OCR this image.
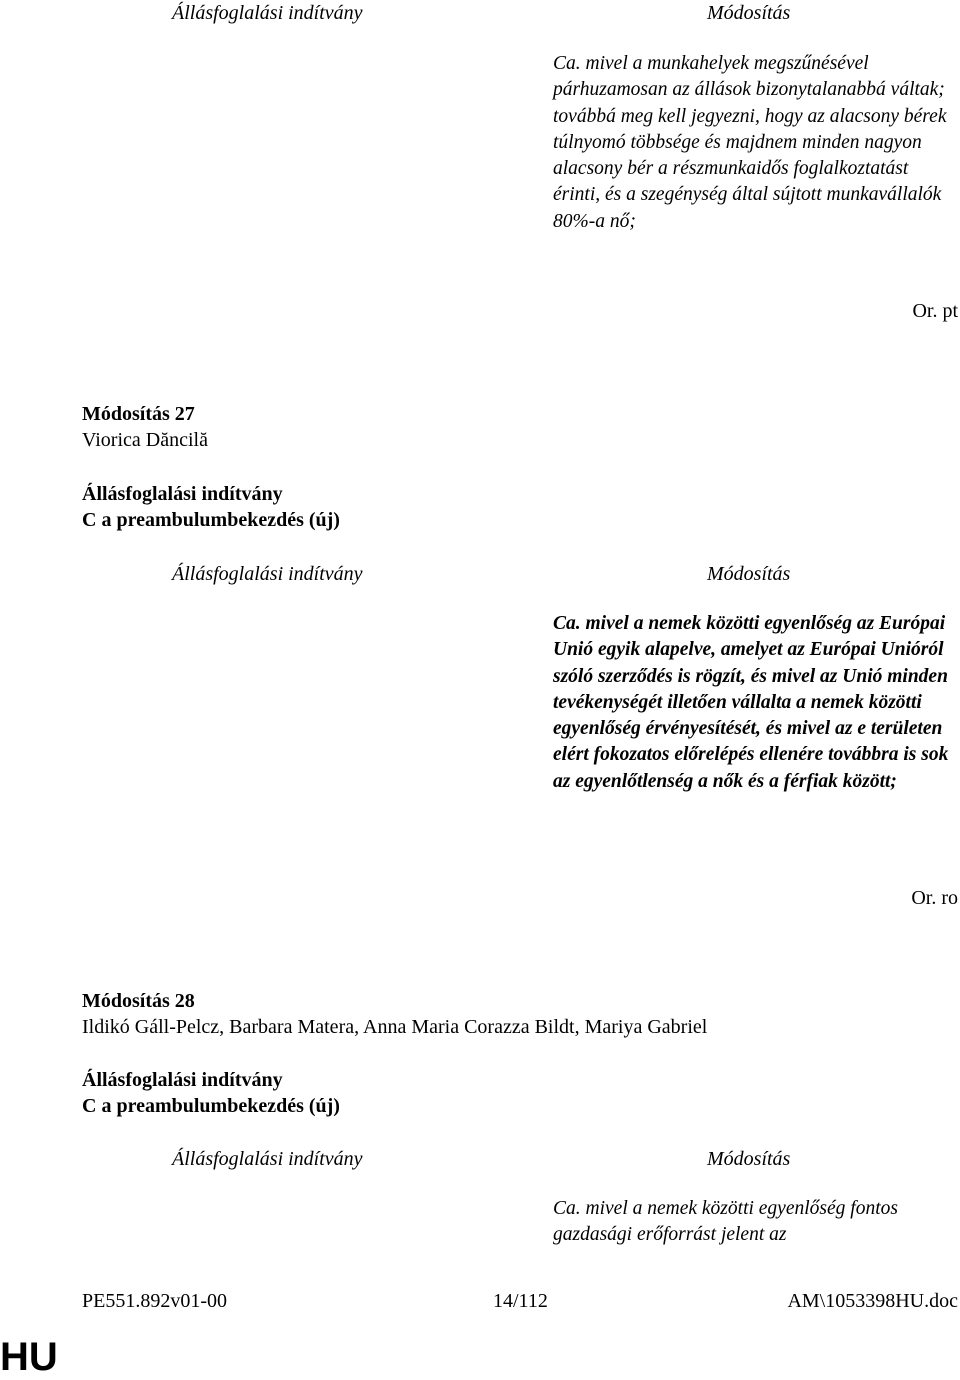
Állásfoglalási indítvány	Módosítás
Ca. mivel a munkahelyek megszűnésével párhuzamosan az állások bizonytalanabbá váltak; továbbá meg kell jegyezni, hogy az alacsony bérek túlnyomó többsége és majdnem minden nagyon alacsony bér a részmunkaidős foglalkoztatást érinti, és a szegénység által sújtott munkavállalók 80%-a nő;
Or. pt
Módosítás 27
Viorica Dăncilă
Állásfoglalási indítvány
C a preambulumbekezdés (új)
Állásfoglalási indítvány	Módosítás
Ca. mivel a nemek közötti egyenlőség az Európai Unió egyik alapelve, amelyet az Európai Unióról szóló szerződés is rögzít, és mivel az Unió minden tevékenységét illetően vállalta a nemek közötti egyenlőség érvényesítését, és mivel az e területen elért fokozatos előrelépés ellenére továbbra is sok az egyenlőtlenség a nők és a férfiak között;
Or. ro
Módosítás 28
Ildikó Gáll-Pelcz, Barbara Matera, Anna Maria Corazza Bildt, Mariya Gabriel
Állásfoglalási indítvány
C a preambulumbekezdés (új)
Állásfoglalási indítvány	Módosítás
Ca. mivel a nemek közötti egyenlőség fontos gazdasági erőforrást jelent az
PE551.892v01-00	14/112	AM\1053398HU.doc
HU
